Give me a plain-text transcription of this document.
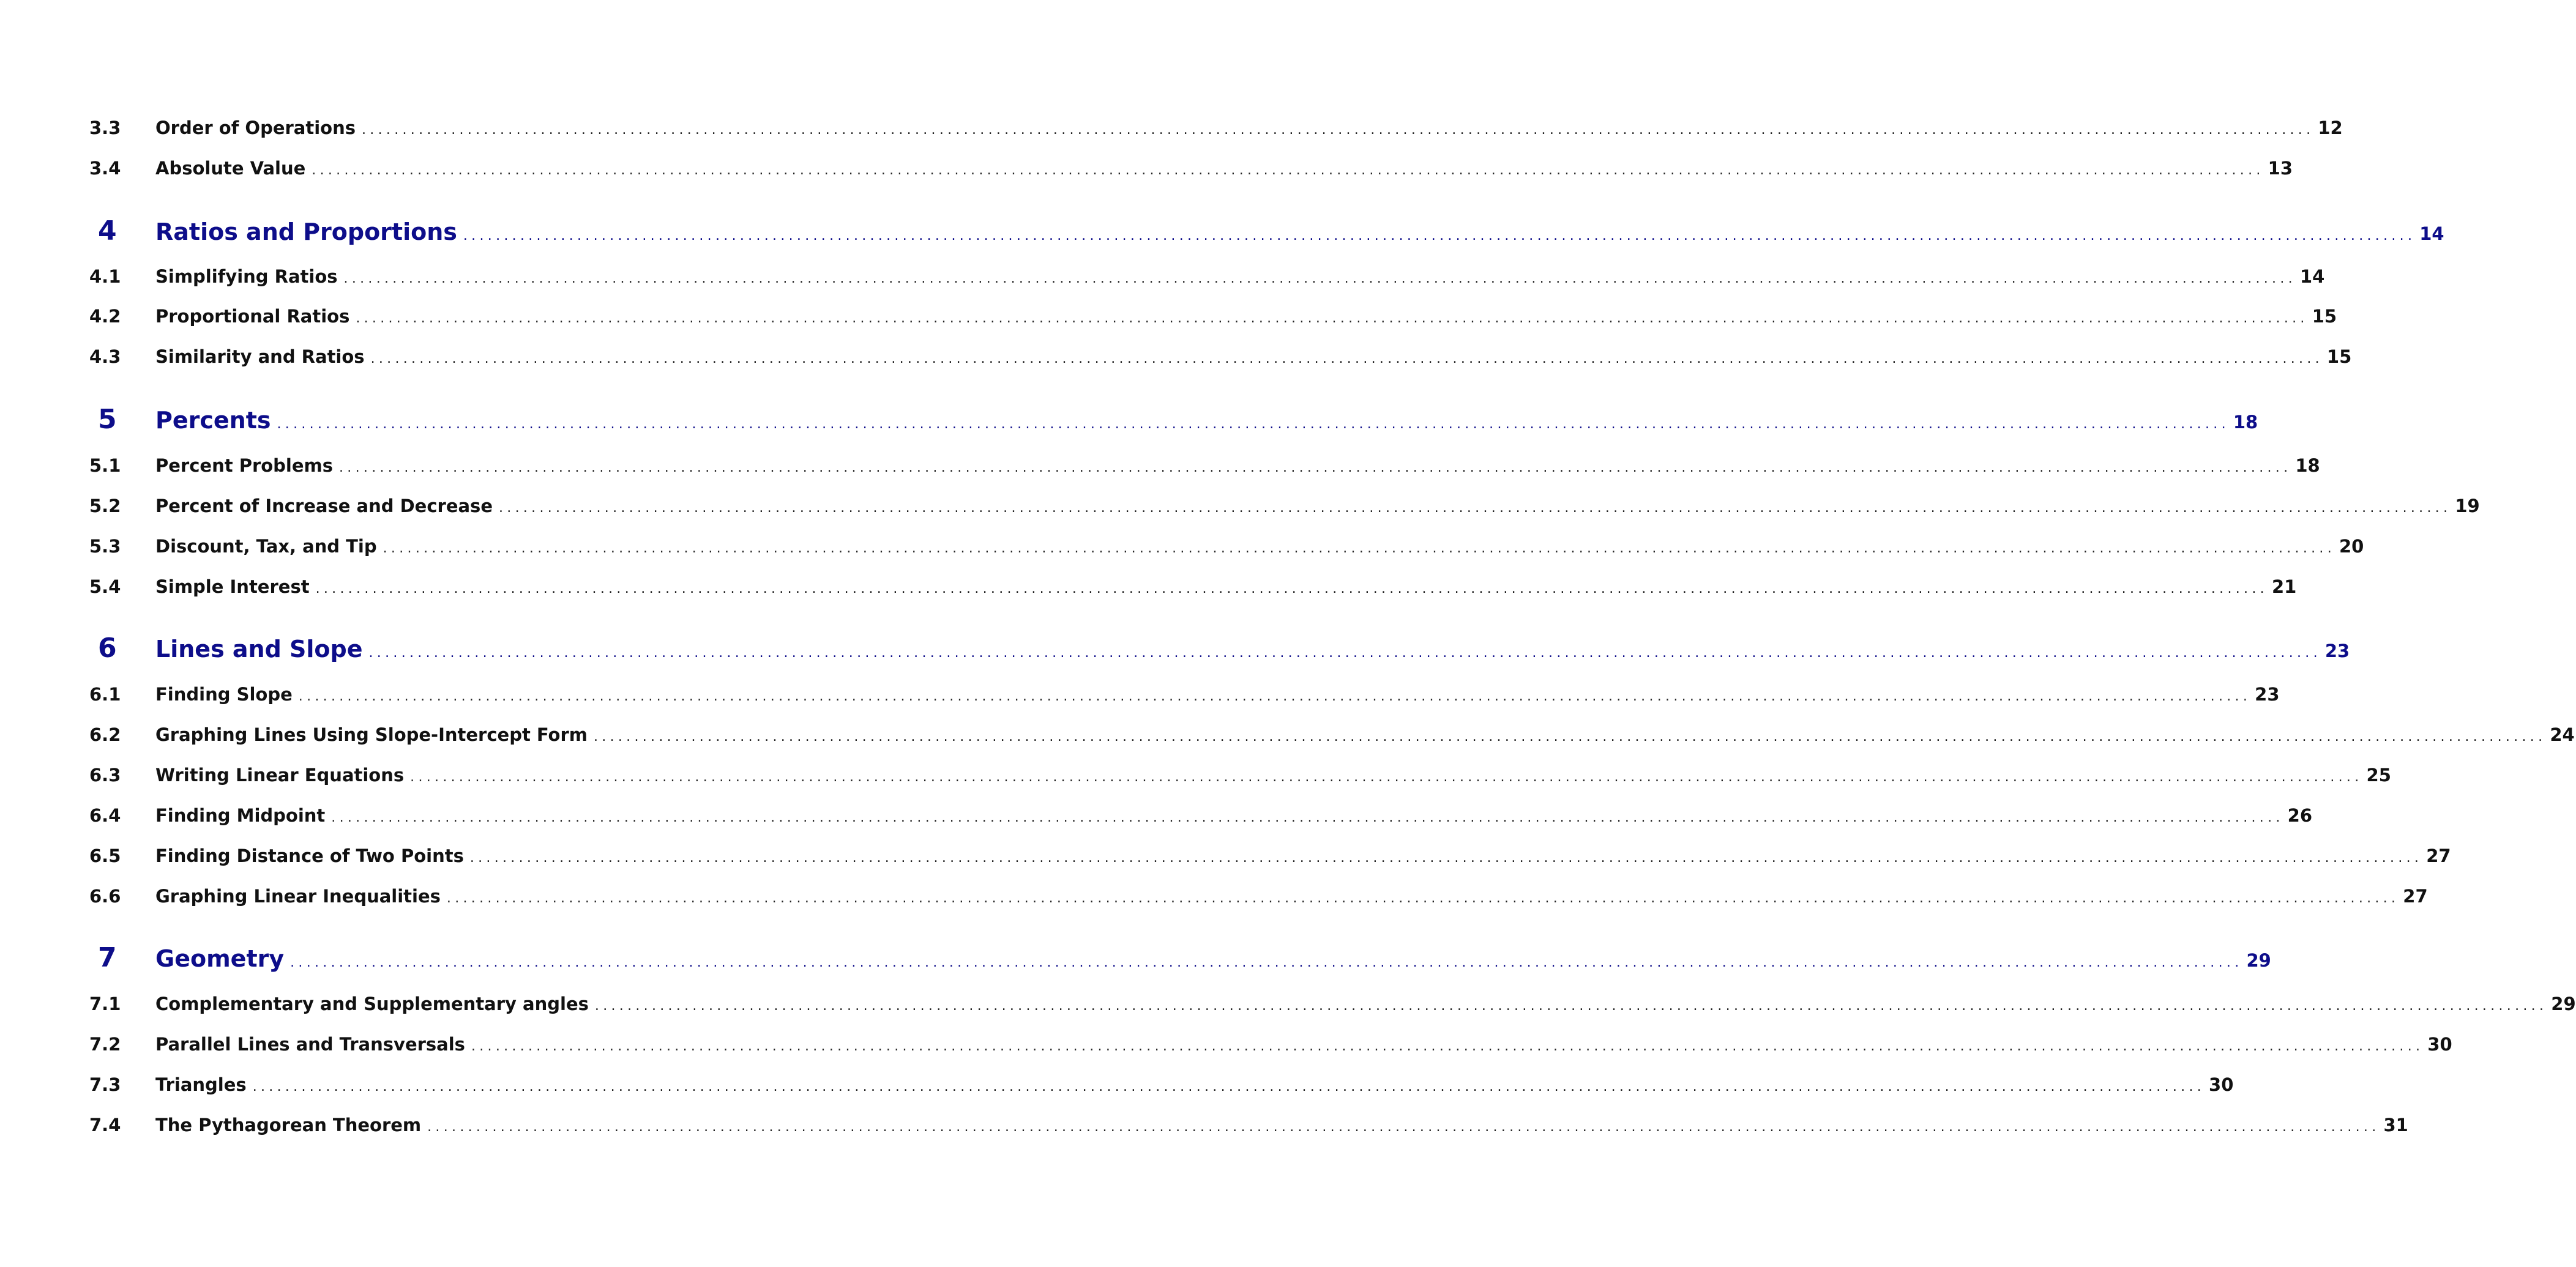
3.3	Order of Operations ................................................................................................................................................................................................................................................ 12
3.4	Absolute Value ................................................................................................................................................................................................................................................ 13
4	Ratios and Proportions ................................................................................................................................................................................................................................................ 14
4.1	Simplifying Ratios ................................................................................................................................................................................................................................................ 14
4.2	Proportional Ratios ................................................................................................................................................................................................................................................ 15
4.3	Similarity and Ratios ................................................................................................................................................................................................................................................ 15
5	Percents ................................................................................................................................................................................................................................................ 18
5.1	Percent Problems ................................................................................................................................................................................................................................................ 18
5.2	Percent of Increase and Decrease ................................................................................................................................................................................................................................................ 19
5.3	Discount, Tax, and Tip ................................................................................................................................................................................................................................................ 20
5.4	Simple Interest ................................................................................................................................................................................................................................................ 21
6	Lines and Slope ................................................................................................................................................................................................................................................ 23
6.1	Finding Slope ................................................................................................................................................................................................................................................ 23
6.2	Graphing Lines Using Slope-Intercept Form ................................................................................................................................................................................................................................................ 24
6.3	Writing Linear Equations ................................................................................................................................................................................................................................................ 25
6.4	Finding Midpoint ................................................................................................................................................................................................................................................ 26
6.5	Finding Distance of Two Points ................................................................................................................................................................................................................................................ 27
6.6	Graphing Linear Inequalities ................................................................................................................................................................................................................................................ 27
7	Geometry ................................................................................................................................................................................................................................................ 29
7.1	Complementary and Supplementary angles ................................................................................................................................................................................................................................................ 29
7.2	Parallel Lines and Transversals ................................................................................................................................................................................................................................................ 30
7.3	Triangles ................................................................................................................................................................................................................................................ 30
7.4	The Pythagorean Theorem ................................................................................................................................................................................................................................................ 31
